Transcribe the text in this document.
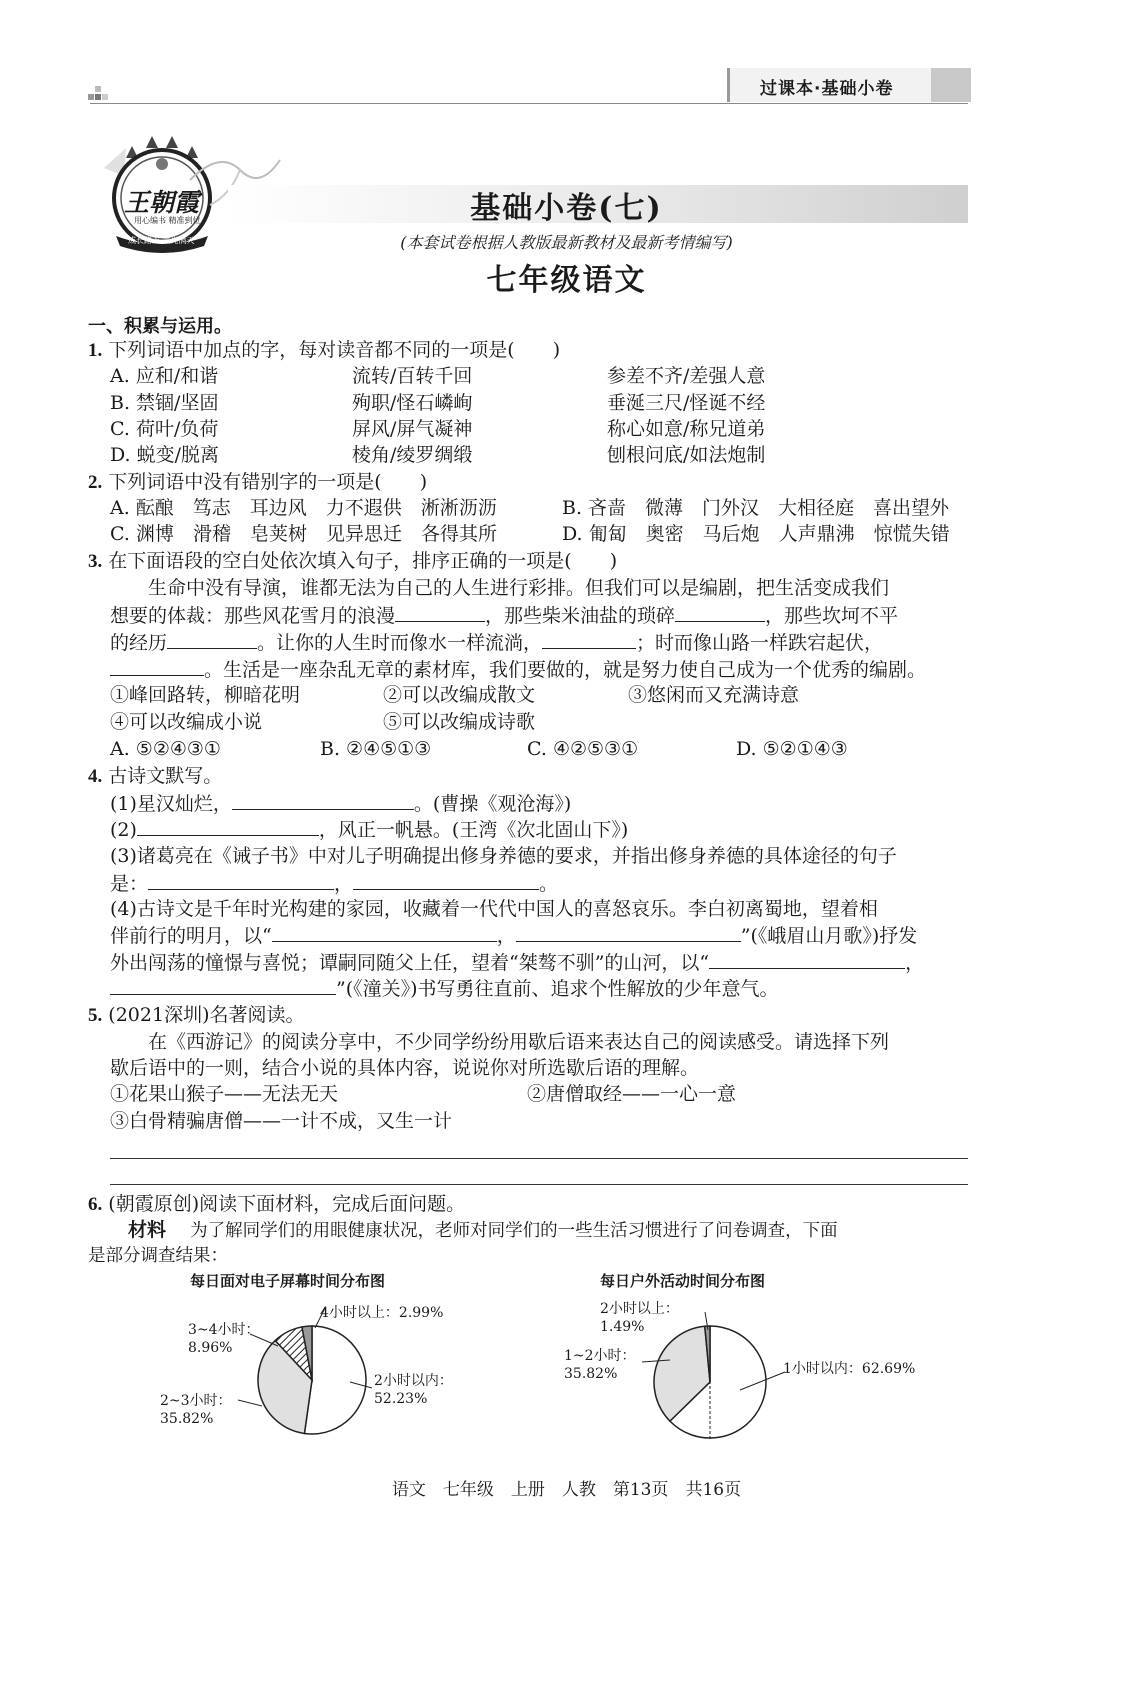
过课本·基础小卷
王朝霞
用心编书 精准到位
成长路上 霞光满天
基础小卷(七)
(本套试卷根据人教版最新教材及最新考情编写)
七年级语文
一、积累与运用。
1. 下列词语中加点的字，每对读音都不同的一项是(　　)
A. 应和/和谐	流转/百转千回	参差不齐/差强人意
B. 禁锢/坚固	殉职/怪石嶙峋	垂涎三尺/怪诞不经
C. 荷叶/负荷	屏风/屏气凝神	称心如意/称兄道弟
D. 蜕变/脱离	棱角/绫罗绸缎	刨根问底/如法炮制
2. 下列词语中没有错别字的一项是(　　)
A. 酝酿　笃志　耳边风　力不遐供　淅淅沥沥	B. 吝啬　微薄　门外汉　大相径庭　喜出望外
C. 渊博　滑稽　皂荚树　见异思迁　各得其所	D. 匍匐　奥密　马后炮　人声鼎沸　惊慌失错
3. 在下面语段的空白处依次填入句子，排序正确的一项是(　　)
生命中没有导演，谁都无法为自己的人生进行彩排。但我们可以是编剧，把生活变成我们
想要的体裁：那些风花雪月的浪漫	，那些柴米油盐的琐碎	，那些坎坷不平
的经历	。让你的人生时而像水一样流淌，	；时而像山路一样跌宕起伏，
。生活是一座杂乱无章的素材库，我们要做的，就是努力使自己成为一个优秀的编剧。
①峰回路转，柳暗花明	②可以改编成散文	③悠闲而又充满诗意
④可以改编成小说	⑤可以改编成诗歌
A. ⑤②④③①	B. ②④⑤①③	C. ④②⑤③①	D. ⑤②①④③
4. 古诗文默写。
(1)星汉灿烂，	。(曹操《观沧海》)
(2)	，风正一帆悬。(王湾《次北固山下》)
(3)诸葛亮在《诫子书》中对儿子明确提出修身养德的要求，并指出修身养德的具体途径的句子
是：	，	。
(4)古诗文是千年时光构建的家园，收藏着一代代中国人的喜怒哀乐。李白初离蜀地，望着相
伴前行的明月，以“	，	”(《峨眉山月歌》)抒发
外出闯荡的憧憬与喜悦；谭嗣同随父上任，望着“桀骜不驯”的山河，以“	，
”(《潼关》)书写勇往直前、追求个性解放的少年意气。
5. (2021深圳)名著阅读。
在《西游记》的阅读分享中，不少同学纷纷用歇后语来表达自己的阅读感受。请选择下列
歇后语中的一则，结合小说的具体内容，说说你对所选歇后语的理解。
①花果山猴子——无法无天	②唐僧取经——一心一意
③白骨精骗唐僧——一计不成，又生一计
6. (朝霞原创)阅读下面材料，完成后面问题。
材料 为了解同学们的用眼健康状况，老师对同学们的一些生活习惯进行了问卷调查，下面
是部分调查结果：
每日面对电子屏幕时间分布图	每日户外活动时间分布图
4小时以上：2.99%
3~4小时：
8.96%
2小时以内：
52.23%
2~3小时：
35.82%
2小时以上：
1.49%
1~2小时：
35.82%	1小时以内：62.69%
语文　七年级　上册　人教　第13页　共16页
